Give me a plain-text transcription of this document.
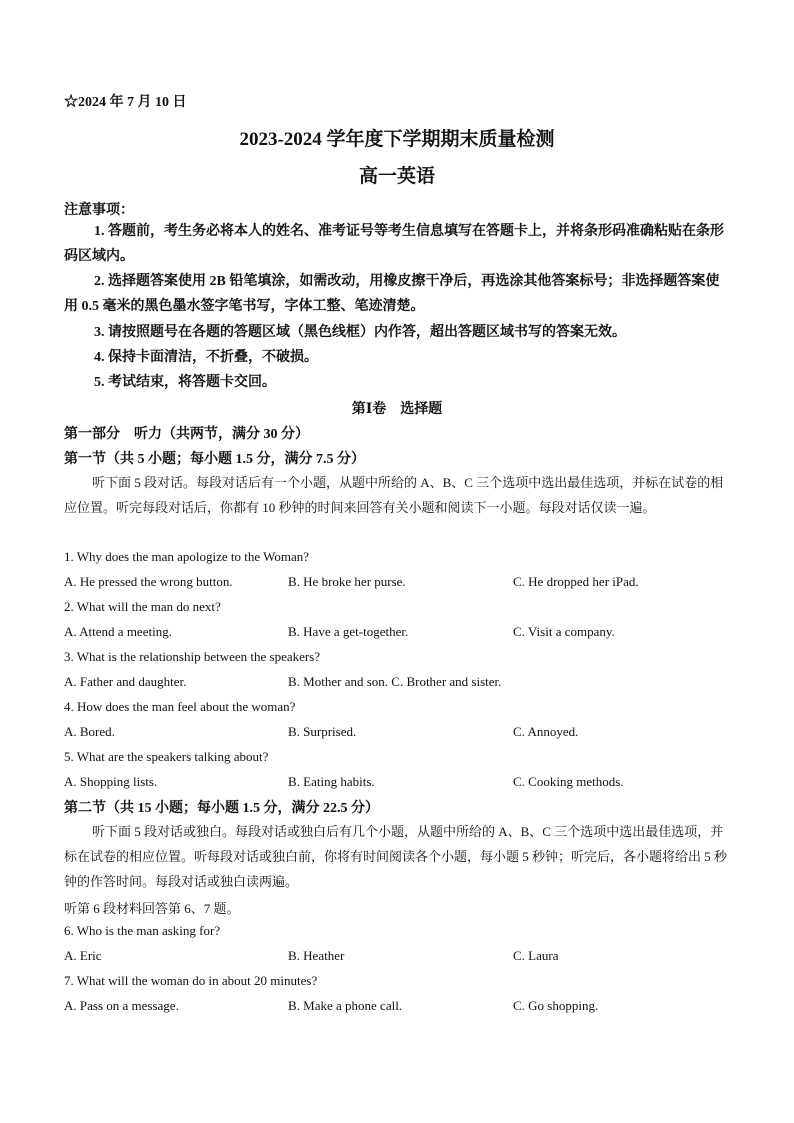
☆2024 年 7 月 10 日
2023-2024 学年度下学期期末质量检测
高一英语
注意事项：
1. 答题前，考生务必将本人的姓名、准考证号等考生信息填写在答题卡上，并将条形码准确粘贴在条形码区域内。
2. 选择题答案使用 2B 铅笔填涂，如需改动，用橡皮擦干净后，再选涂其他答案标号；非选择题答案使用 0.5 毫米的黑色墨水签字笔书写，字体工整、笔迹清楚。
3. 请按照题号在各题的答题区域（黑色线框）内作答，超出答题区域书写的答案无效。
4. 保持卡面清洁，不折叠，不破损。
5. 考试结束，将答题卡交回。
第Ⅰ卷　选择题
第一部分　听力（共两节，满分 30 分）
第一节（共 5 小题；每小题 1.5 分，满分 7.5 分）
听下面 5 段对话。每段对话后有一个小题，从题中所给的 A、B、C 三个选项中选出最佳选项，并标在试卷的相应位置。听完每段对话后，你都有 10 秒钟的时间来回答有关小题和阅读下一小题。每段对话仅读一遍。
1. Why does the man apologize to the Woman?
A. He pressed the wrong button.	B. He broke her purse.	C. He dropped her iPad.
2. What will the man do next?
A. Attend a meeting.	B. Have a get-together.	C. Visit a company.
3. What is the relationship between the speakers?
A. Father and daughter.	B. Mother and son. C. Brother and sister.
4. How does the man feel about the woman?
A. Bored.	B. Surprised.	C. Annoyed.
5. What are the speakers talking about?
A. Shopping lists.	B. Eating habits.	C. Cooking methods.
第二节（共 15 小题；每小题 1.5 分，满分 22.5 分）
听下面 5 段对话或独白。每段对话或独白后有几个小题，从题中所给的 A、B、C 三个选项中选出最佳选项，并标在试卷的相应位置。听每段对话或独白前，你将有时间阅读各个小题，每小题 5 秒钟；听完后，各小题将给出 5 秒钟的作答时间。每段对话或独白读两遍。
听第 6 段材料回答第 6、7 题。
6. Who is the man asking for?
A. Eric	B. Heather	C. Laura
7. What will the woman do in about 20 minutes?
A. Pass on a message.	B. Make a phone call.	C. Go shopping.
